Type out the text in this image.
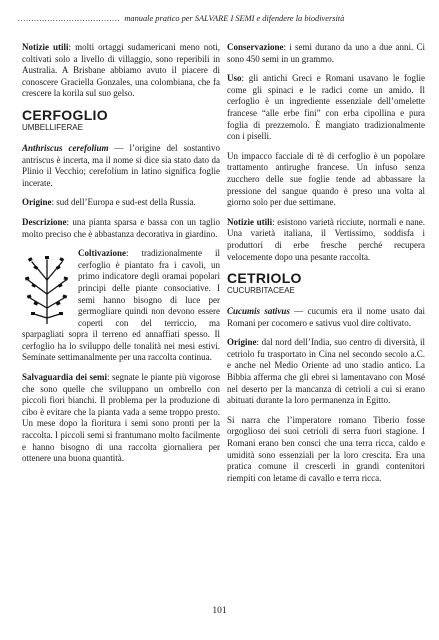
...................................... manuale pratico per SALVARE I SEMI e difendere la biodiversità

Notizie utili: molti ortaggi sudamericani meno noti, coltivati solo a livello di villaggio, sono reperibili in Australia. A Brisbane abbiamo avuto il piacere di conoscere Graciella Gonzales, una colombiana, che fa crescere la korila sul suo gelso.

CERFOGLIO
UMBELLIFERAE

Anthriscus cerefolium — l’origine del sostantivo antriscus è incerta, ma il nome si dice sia stato dato da Plinio il Vecchio; cerefolium in latino significa foglie incerate.

Origine: sud dell’Europa e sud-est della Russia.

Descrizione: una pianta sparsa e bassa con un taglio molto preciso che è abbastanza decorativa in giardino.

Coltivazione: tradizionalmente il cerfoglio è piantato fra i cavoli, un primo indicatore degli oramai popolari principi delle piante consociative. I semi hanno bisogno di luce per germogliare quindi non devono essere coperti con del terriccio, ma sparpagliati sopra il terreno ed annaffiati spesso. Il cerfoglio ha lo sviluppo delle tonalità nei mesi estivi. Seminate settimanalmente per una raccolta continua.

Salvaguardia dei semi: segnate le piante più vigorose che sono quelle che sviluppano un ombrello con piccoli fiori bianchi. Il problema per la produzione di cibo è evitare che la pianta vada a seme troppo presto. Un mese dopo la fioritura i semi sono pronti per la raccolta. I piccoli semi si frantumano molto facilmente e hanno bisogno di una raccolta giornaliera per ottenere una buona quantità.

Conservazione: i semi durano da uno a due anni. Ci sono 450 semi in un grammo.

Uso: gli antichi Greci e Romani usavano le foglie come gli spinaci e le radici come un amido. Il cerfoglio è un ingrediente essenziale dell’omelette francese “alle erbe fini” con erba cipollina e pura foglia di prezzemolo. È mangiato tradizionalmente con i piselli.

Un impacco facciale di tè di cerfoglio è un popolare trattamento antirughe francese. Un infuso senza zucchero delle sue foglie tende ad abbassare la pressione del sangue quando è preso una volta al giorno solo per due settimane.

Notizie utili: esistono varietà ricciute, normali e nane. Una varietà italiana, il Vertissimo, soddisfa i produttori di erbe fresche perché recupera velocemente dopo una pesante raccolta.

CETRIOLO
CUCURBITACEAE

Cucumis sativus — cucumis era il nome usato dai Romani per cocomero e sativus vuol dire coltivato.

Origine: dal nord dell’India, suo centro di diversità, il cetriolo fu trasportato in Cina nel secondo secolo a.C. e anche nel Medio Oriente ad uno stadio antico. La Bibbia afferma che gli ebrei si lamentavano con Mosé nel deserto per la mancanza di cetrioli a cui si erano abituati durante la loro permanenza in Egitto.

Si narra che l’imperatore romano Tiberio fosse orgoglioso dei suoi cetrioli di serra fuori stagione. I Romani erano ben consci che una terra ricca, caldo e umidità sono essenziali per la loro crescita. Era una pratica comune il crescerli in grandi contenitori riempiti con letame di cavallo e terra ricca.

101
